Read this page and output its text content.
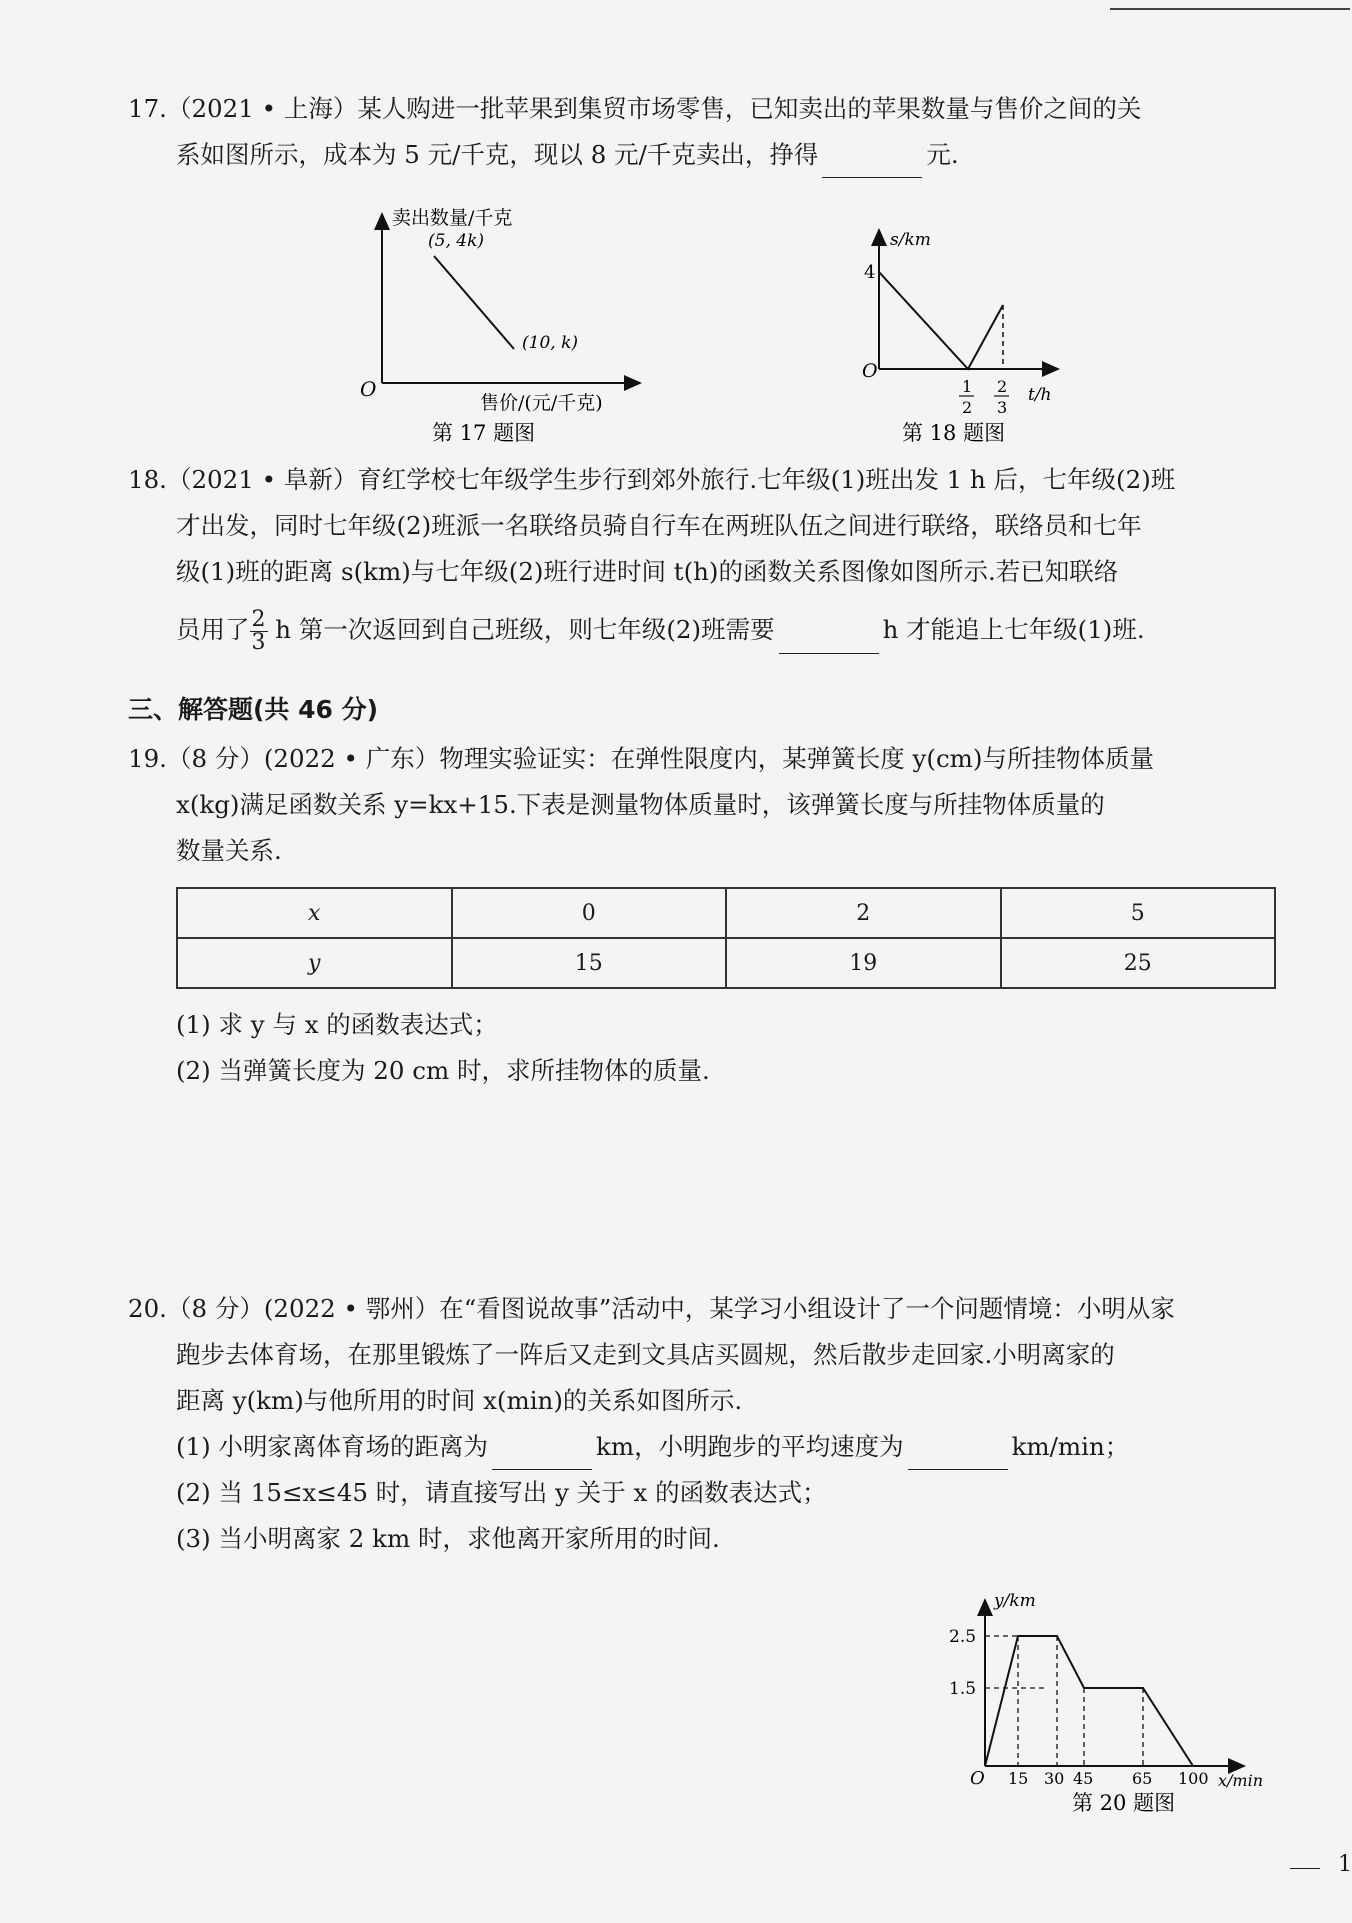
17.（2021 • 上海）某人购进一批苹果到集贸市场零售，已知卖出的苹果数量与售价之间的关
系如图所示，成本为 5 元/千克，现以 8 元/千克卖出，挣得	元.
卖出数量/千克
(5, 4k)
(10, k)
O
售价/(元/千克)
第 17 题图
s/km
4
O
1
2
2
3
t/h
第 18 题图
18.（2021 • 阜新）育红学校七年级学生步行到郊外旅行.七年级(1)班出发 1 h 后，七年级(2)班
才出发，同时七年级(2)班派一名联络员骑自行车在两班队伍之间进行联络，联络员和七年
级(1)班的距离 s(km)与七年级(2)班行进时间 t(h)的函数关系图像如图所示.若已知联络
员用了 $\frac{2}{3}$ h 第一次返回到自己班级，则七年级(2)班需要	h 才能追上七年级(1)班.
三、解答题(共 46 分)
19.（8 分）(2022 • 广东）物理实验证实：在弹性限度内，某弹簧长度 y(cm)与所挂物体质量
x(kg)满足函数关系 y=kx+15.下表是测量物体质量时，该弹簧长度与所挂物体质量的
数量关系.
x	0	2	5
y	15	19	25
(1) 求 y 与 x 的函数表达式；
(2) 当弹簧长度为 20 cm 时，求所挂物体的质量.
20.（8 分）(2022 • 鄂州）在“看图说故事”活动中，某学习小组设计了一个问题情境：小明从家
跑步去体育场，在那里锻炼了一阵后又走到文具店买圆规，然后散步走回家.小明离家的
距离 y(km)与他所用的时间 x(min)的关系如图所示.
(1) 小明家离体育场的距离为	km，小明跑步的平均速度为	km/min；
(2) 当 15≤x≤45 时，请直接写出 y 关于 x 的函数表达式；
(3) 当小明离家 2 km 时，求他离开家所用的时间.
y/km
2.5
1.5
O 15 30 45 65 100 x/min
第 20 题图
1
